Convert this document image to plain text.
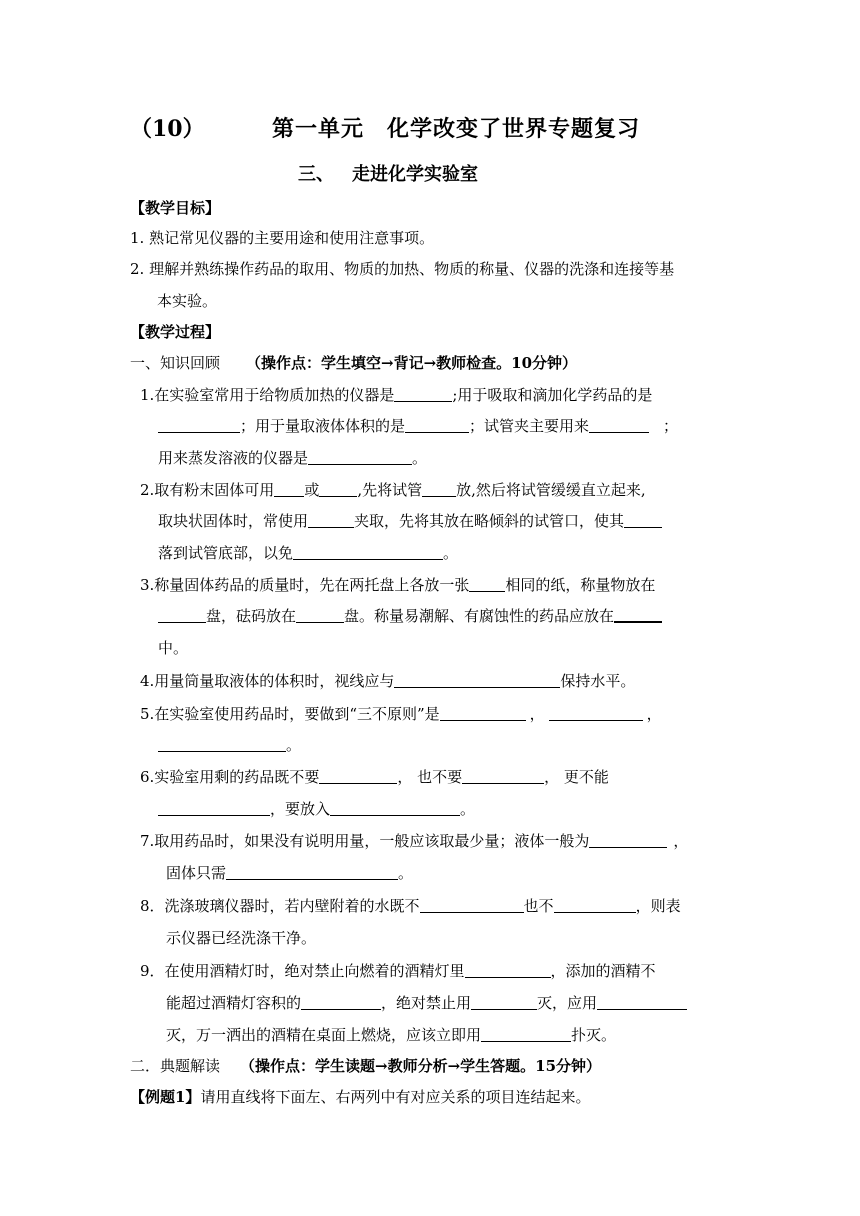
（10）	第一单元　化学改变了世界专题复习
三、 走进化学实验室
【教学目标】
1. 熟记常见仪器的主要用途和使用注意事项。
2. 理解并熟练操作药品的取用、物质的加热、物质的称量、仪器的洗涤和连接等基
本实验。
【教学过程】
一、知识回顾 （操作点：学生填空→背记→教师检查。10分钟）
1.在实验室常用于给物质加热的仪器是	;用于吸取和滴加化学药品的是
；用于量取液体体积的是	；试管夹主要用来	；
用来蒸发溶液的仪器是	。
2.取有粉末固体可用 或	,先将试管 放,然后将试管缓缓直立起来,
取块状固体时，常使用	夹取，先将其放在略倾斜的试管口，使其
落到试管底部，以免	。
3.称量固体药品的质量时，先在两托盘上各放一张 相同的纸，称量物放在
盘，砝码放在	盘。称量易潮解、有腐蚀性的药品应放在
中。
4.用量筒量取液体的体积时，视线应与	保持水平。
5.在实验室使用药品时，要做到“三不原则”是	，	，
。
6.实验室用剩的药品既不要	， 也不要	， 更不能
，要放入	。
7.取用药品时，如果没有说明用量，一般应该取最少量；液体一般为	，
固体只需	。
8．洗涤玻璃仪器时，若内壁附着的水既不	也不	，则表
示仪器已经洗涤干净。
9．在使用酒精灯时，绝对禁止向燃着的酒精灯里	，添加的酒精不
能超过酒精灯容积的	，绝对禁止用	灭，应用
灭，万一洒出的酒精在桌面上燃烧，应该立即用	扑灭。
二．典题解读 （操作点：学生读题→教师分析→学生答题。15分钟）
【例题1】请用直线将下面左、右两列中有对应关系的项目连结起来。
